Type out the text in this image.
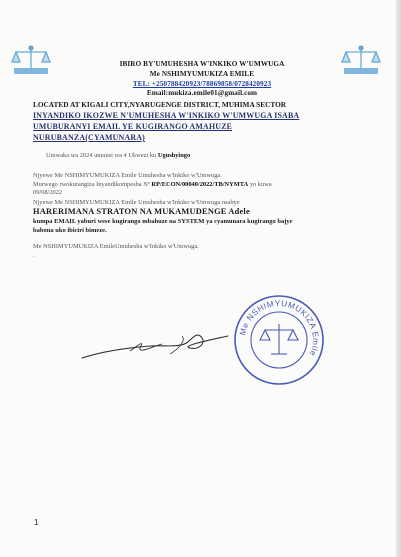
IBIRO BY'UMUHESHA W'INKIKO W'UMWUGA
Me NSHIMYUMUKIZA EMILE
TEL: +250788420923/78869858/0728420923
Email:mukiza.emile01@gmail.com
LOCATED AT KIGALI CITY,NYARUGENGE DISTRICT, MUHIMA SECTOR
INYANDIKO IKOZWE N'UMUHESHA W'INKIKO W'UMWUGA ISABA
UMUBURANYI EMAIL YE KUGIRANGO AMAHUZE
NURUBANZA(CYAMUNARA)
Umwaka wa 2024 umunsi wa 4 Ukwezi ku Ugushyingo
Njyewe Me NSHIMYUMUKIZA Emile Umuhesha w'Inkiko w'Umwuga.
Murwego rwokurangiza Inyandikompesha Nº RP/ECON/00040/2022/TB/NYMTA yo kuwa
09/08/2022
Njyewe Me NSHIMYUMUKIZA Emile Umuhesha w'Inkiko w'Umwuga nsabye
HARERIMANA STRATON NA MUKAMUDENGE Adele
kumpa EMAIL yaburi wese kugirango mbahuze na SYSTEM ya cyamunara kugirango bajye
babona uko ibiciri bimeze.
Me NSHIMYUMUKIZA EmileUmuhesha w'Inkiko w'Umwuga.
.
Me NSHIMYUMUKIZA Emile
1
